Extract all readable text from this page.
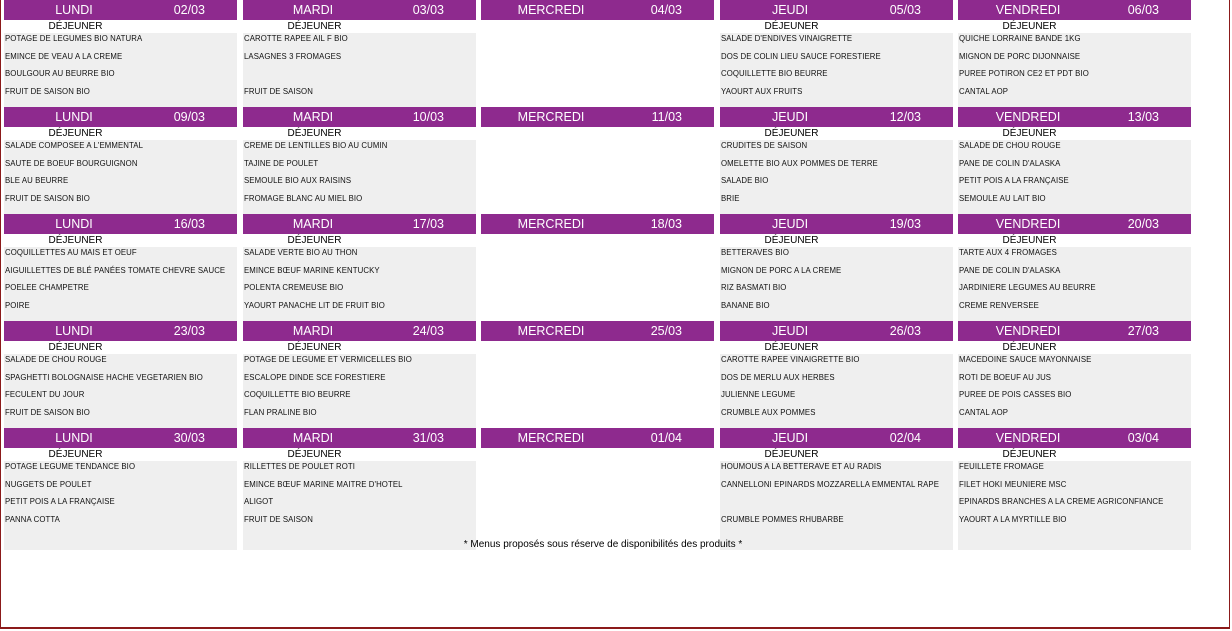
LUNDI	02/03
DÉJEUNER
POTAGE DE LEGUMES BIO NATURA
EMINCE DE VEAU A LA CREME
BOULGOUR AU BEURRE BIO
FRUIT DE SAISON BIO
MARDI	03/03
DÉJEUNER
CAROTTE RAPEE AIL F BIO
LASAGNES 3 FROMAGES
FRUIT DE SAISON
MERCREDI	04/03	JEUDI	05/03
DÉJEUNER
SALADE D'ENDIVES VINAIGRETTE
DOS DE COLIN LIEU SAUCE FORESTIERE
COQUILLETTE BIO BEURRE
YAOURT AUX FRUITS
VENDREDI	06/03
DÉJEUNER
QUICHE LORRAINE BANDE 1KG
MIGNON DE PORC DIJONNAISE
PUREE POTIRON CE2 ET PDT BIO
CANTAL AOP
LUNDI	09/03
DÉJEUNER
SALADE COMPOSEE A L'EMMENTAL
SAUTE DE BOEUF BOURGUIGNON
BLE AU BEURRE
FRUIT DE SAISON BIO
MARDI	10/03
DÉJEUNER
CREME DE LENTILLES BIO AU CUMIN
TAJINE DE POULET
SEMOULE BIO AUX RAISINS
FROMAGE BLANC AU MIEL BIO
MERCREDI	11/03	JEUDI	12/03
DÉJEUNER
CRUDITES DE SAISON
OMELETTE BIO AUX POMMES DE TERRE
SALADE BIO
BRIE
VENDREDI	13/03
DÉJEUNER
SALADE DE CHOU ROUGE
PANE DE COLIN D'ALASKA
PETIT POIS A LA FRANÇAISE
SEMOULE AU LAIT BIO
LUNDI	16/03
DÉJEUNER
COQUILLETTES AU MAIS ET OEUF
AIGUILLETTES DE BLÉ PANÉES TOMATE CHEVRE SAUCE
POELEE CHAMPETRE
POIRE
MARDI	17/03
DÉJEUNER
SALADE VERTE BIO AU THON
EMINCE BŒUF MARINE KENTUCKY
POLENTA CREMEUSE BIO
YAOURT PANACHE LIT DE FRUIT BIO
MERCREDI	18/03	JEUDI	19/03
DÉJEUNER
BETTERAVES BIO
MIGNON DE PORC A LA CREME
RIZ BASMATI BIO
BANANE BIO
VENDREDI	20/03
DÉJEUNER
TARTE AUX 4 FROMAGES
PANE DE COLIN D'ALASKA
JARDINIERE LEGUMES AU BEURRE
CREME RENVERSEE
LUNDI	23/03
DÉJEUNER
SALADE DE CHOU ROUGE
SPAGHETTI BOLOGNAISE HACHE VEGETARIEN BIO
FECULENT DU JOUR
FRUIT DE SAISON BIO
MARDI	24/03
DÉJEUNER
POTAGE DE LEGUME ET VERMICELLES BIO
ESCALOPE DINDE SCE FORESTIERE
COQUILLETTE BIO BEURRE
FLAN PRALINE BIO
MERCREDI	25/03	JEUDI	26/03
DÉJEUNER
CAROTTE RAPEE VINAIGRETTE BIO
DOS DE MERLU AUX HERBES
JULIENNE LEGUME
CRUMBLE AUX POMMES
VENDREDI	27/03
DÉJEUNER
MACEDOINE SAUCE MAYONNAISE
ROTI DE BOEUF AU JUS
PUREE DE POIS CASSES BIO
CANTAL AOP
LUNDI	30/03
DÉJEUNER
POTAGE LEGUME TENDANCE BIO
NUGGETS DE POULET
PETIT POIS A LA FRANÇAISE
PANNA COTTA
MARDI	31/03
DÉJEUNER
RILLETTES DE POULET ROTI
EMINCE BŒUF MARINE MAITRE D'HOTEL
ALIGOT
FRUIT DE SAISON
MERCREDI	01/04	JEUDI	02/04
DÉJEUNER
HOUMOUS A LA BETTERAVE ET AU RADIS
CANNELLONI EPINARDS MOZZARELLA EMMENTAL RAPE
CRUMBLE POMMES RHUBARBE
VENDREDI	03/04
DÉJEUNER
FEUILLETE FROMAGE
FILET HOKI MEUNIERE MSC
EPINARDS BRANCHES A LA CREME AGRICONFIANCE
YAOURT A LA MYRTILLE BIO
* Menus proposés sous réserve de disponibilités des produits *
